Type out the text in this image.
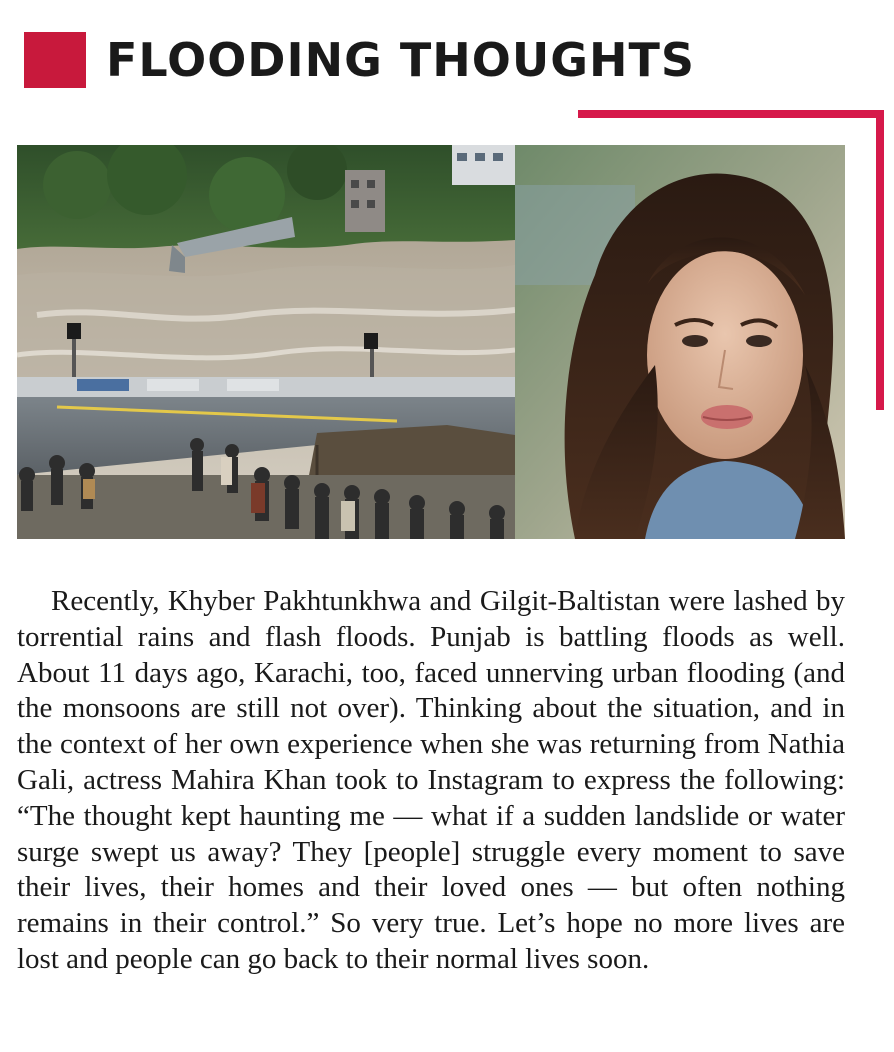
FLOODING THOUGHTS

Recently, Khyber Pakhtunkhwa and Gilgit-Baltistan were lashed by torrential rains and flash floods. Punjab is battling floods as well. About 11 days ago, Karachi, too, faced unnerving urban flooding (and the monsoons are still not over). Thinking about the situation, and in the context of her own experience when she was returning from Nathia Gali, actress Mahira Khan took to Instagram to express the following: “The thought kept haunting me — what if a sudden landslide or water surge swept us away? They [people] struggle every moment to save their lives, their homes and their loved ones — but often nothing remains in their control.” So very true. Let’s hope no more lives are lost and people can go back to their normal lives soon.
